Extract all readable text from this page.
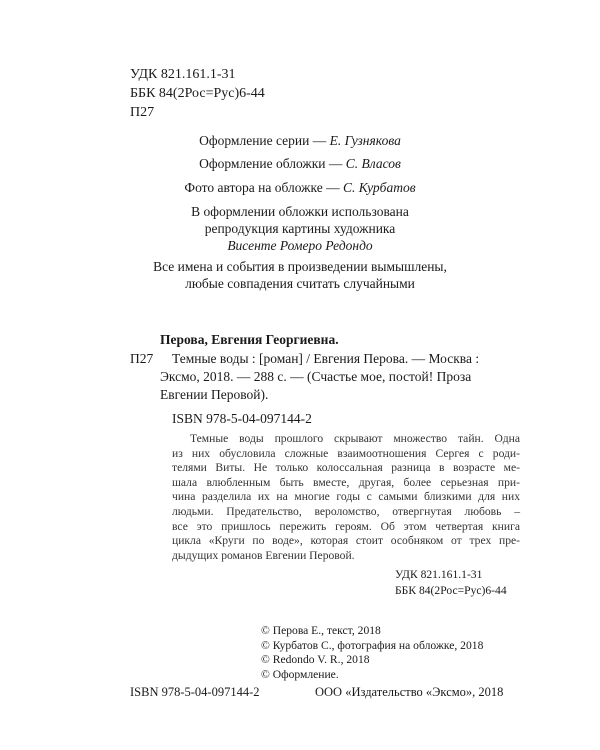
УДК 821.161.1-31
ББК 84(2Рос=Рус)6-44
П27
Оформление серии — Е. Гузнякова
Оформление обложки — С. Власов
Фото автора на обложке — С. Курбатов
В оформлении обложки использована
репродукция картины художника
Висенте Ромеро Редондо
Все имена и события в произведении вымышлены,
любые совпадения считать случайными
Перова, Евгения Георгиевна.
П27 Темные воды : [роман] / Евгения Перова. — Москва :
Эксмо, 2018. — 288 с. — (Счастье мое, постой! Проза
Евгении Перовой).
ISBN 978-5-04-097144-2
Темные воды прошлого скрывают множество тайн. Одна
из них обусловила сложные взаимоотношения Сергея с роди-
телями Виты. Не только колоссальная разница в возрасте ме-
шала влюбленным быть вместе, другая, более серьезная при-
чина разделила их на многие годы с самыми близкими для них
людьми. Предательство, вероломство, отвергнутая любовь –
все это пришлось пережить героям. Об этом четвертая книга
цикла «Круги по воде», которая стоит особняком от трех пре-
дыдущих романов Евгении Перовой.
УДК 821.161.1-31
ББК 84(2Рос=Рус)6-44
© Перова Е., текст, 2018
© Курбатов С., фотография на обложке, 2018
© Redondo V. R., 2018
© Оформление.
ISBN 978-5-04-097144-2	ООО «Издательство «Эксмо», 2018
